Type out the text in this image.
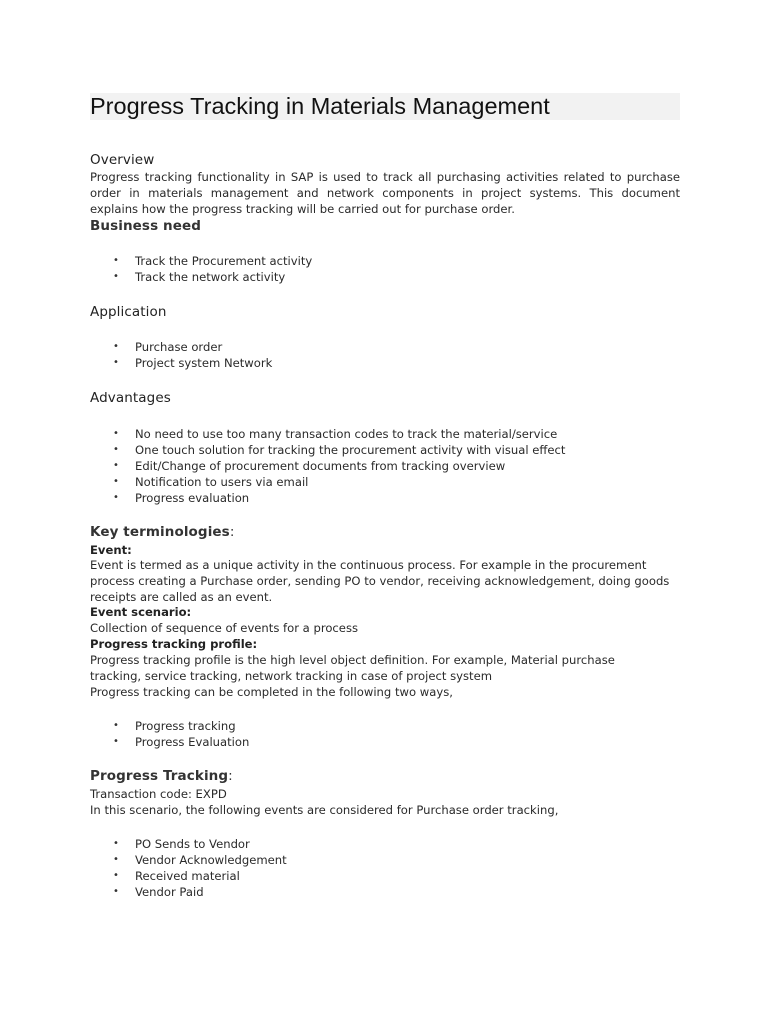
Progress Tracking in Materials Management
Overview
Progress tracking functionality in SAP is used to track all purchasing activities related to purchase order in materials management and network components in project systems. This document explains how the progress tracking will be carried out for purchase order.
Business need
• Track the Procurement activity
• Track the network activity
Application
• Purchase order
• Project system Network
Advantages
• No need to use too many transaction codes to track the material/service
• One touch solution for tracking the procurement activity with visual effect
• Edit/Change of procurement documents from tracking overview
• Notification to users via email
• Progress evaluation
Key terminologies:
Event:
Event is termed as a unique activity in the continuous process. For example in the procurement process creating a Purchase order, sending PO to vendor, receiving acknowledgement, doing goods receipts are called as an event.
Event scenario:
Collection of sequence of events for a process
Progress tracking profile:
Progress tracking profile is the high level object definition. For example, Material purchase tracking, service tracking, network tracking in case of project system
Progress tracking can be completed in the following two ways,
• Progress tracking
• Progress Evaluation
Progress Tracking:
Transaction code: EXPD
In this scenario, the following events are considered for Purchase order tracking,
• PO Sends to Vendor
• Vendor Acknowledgement
• Received material
• Vendor Paid
